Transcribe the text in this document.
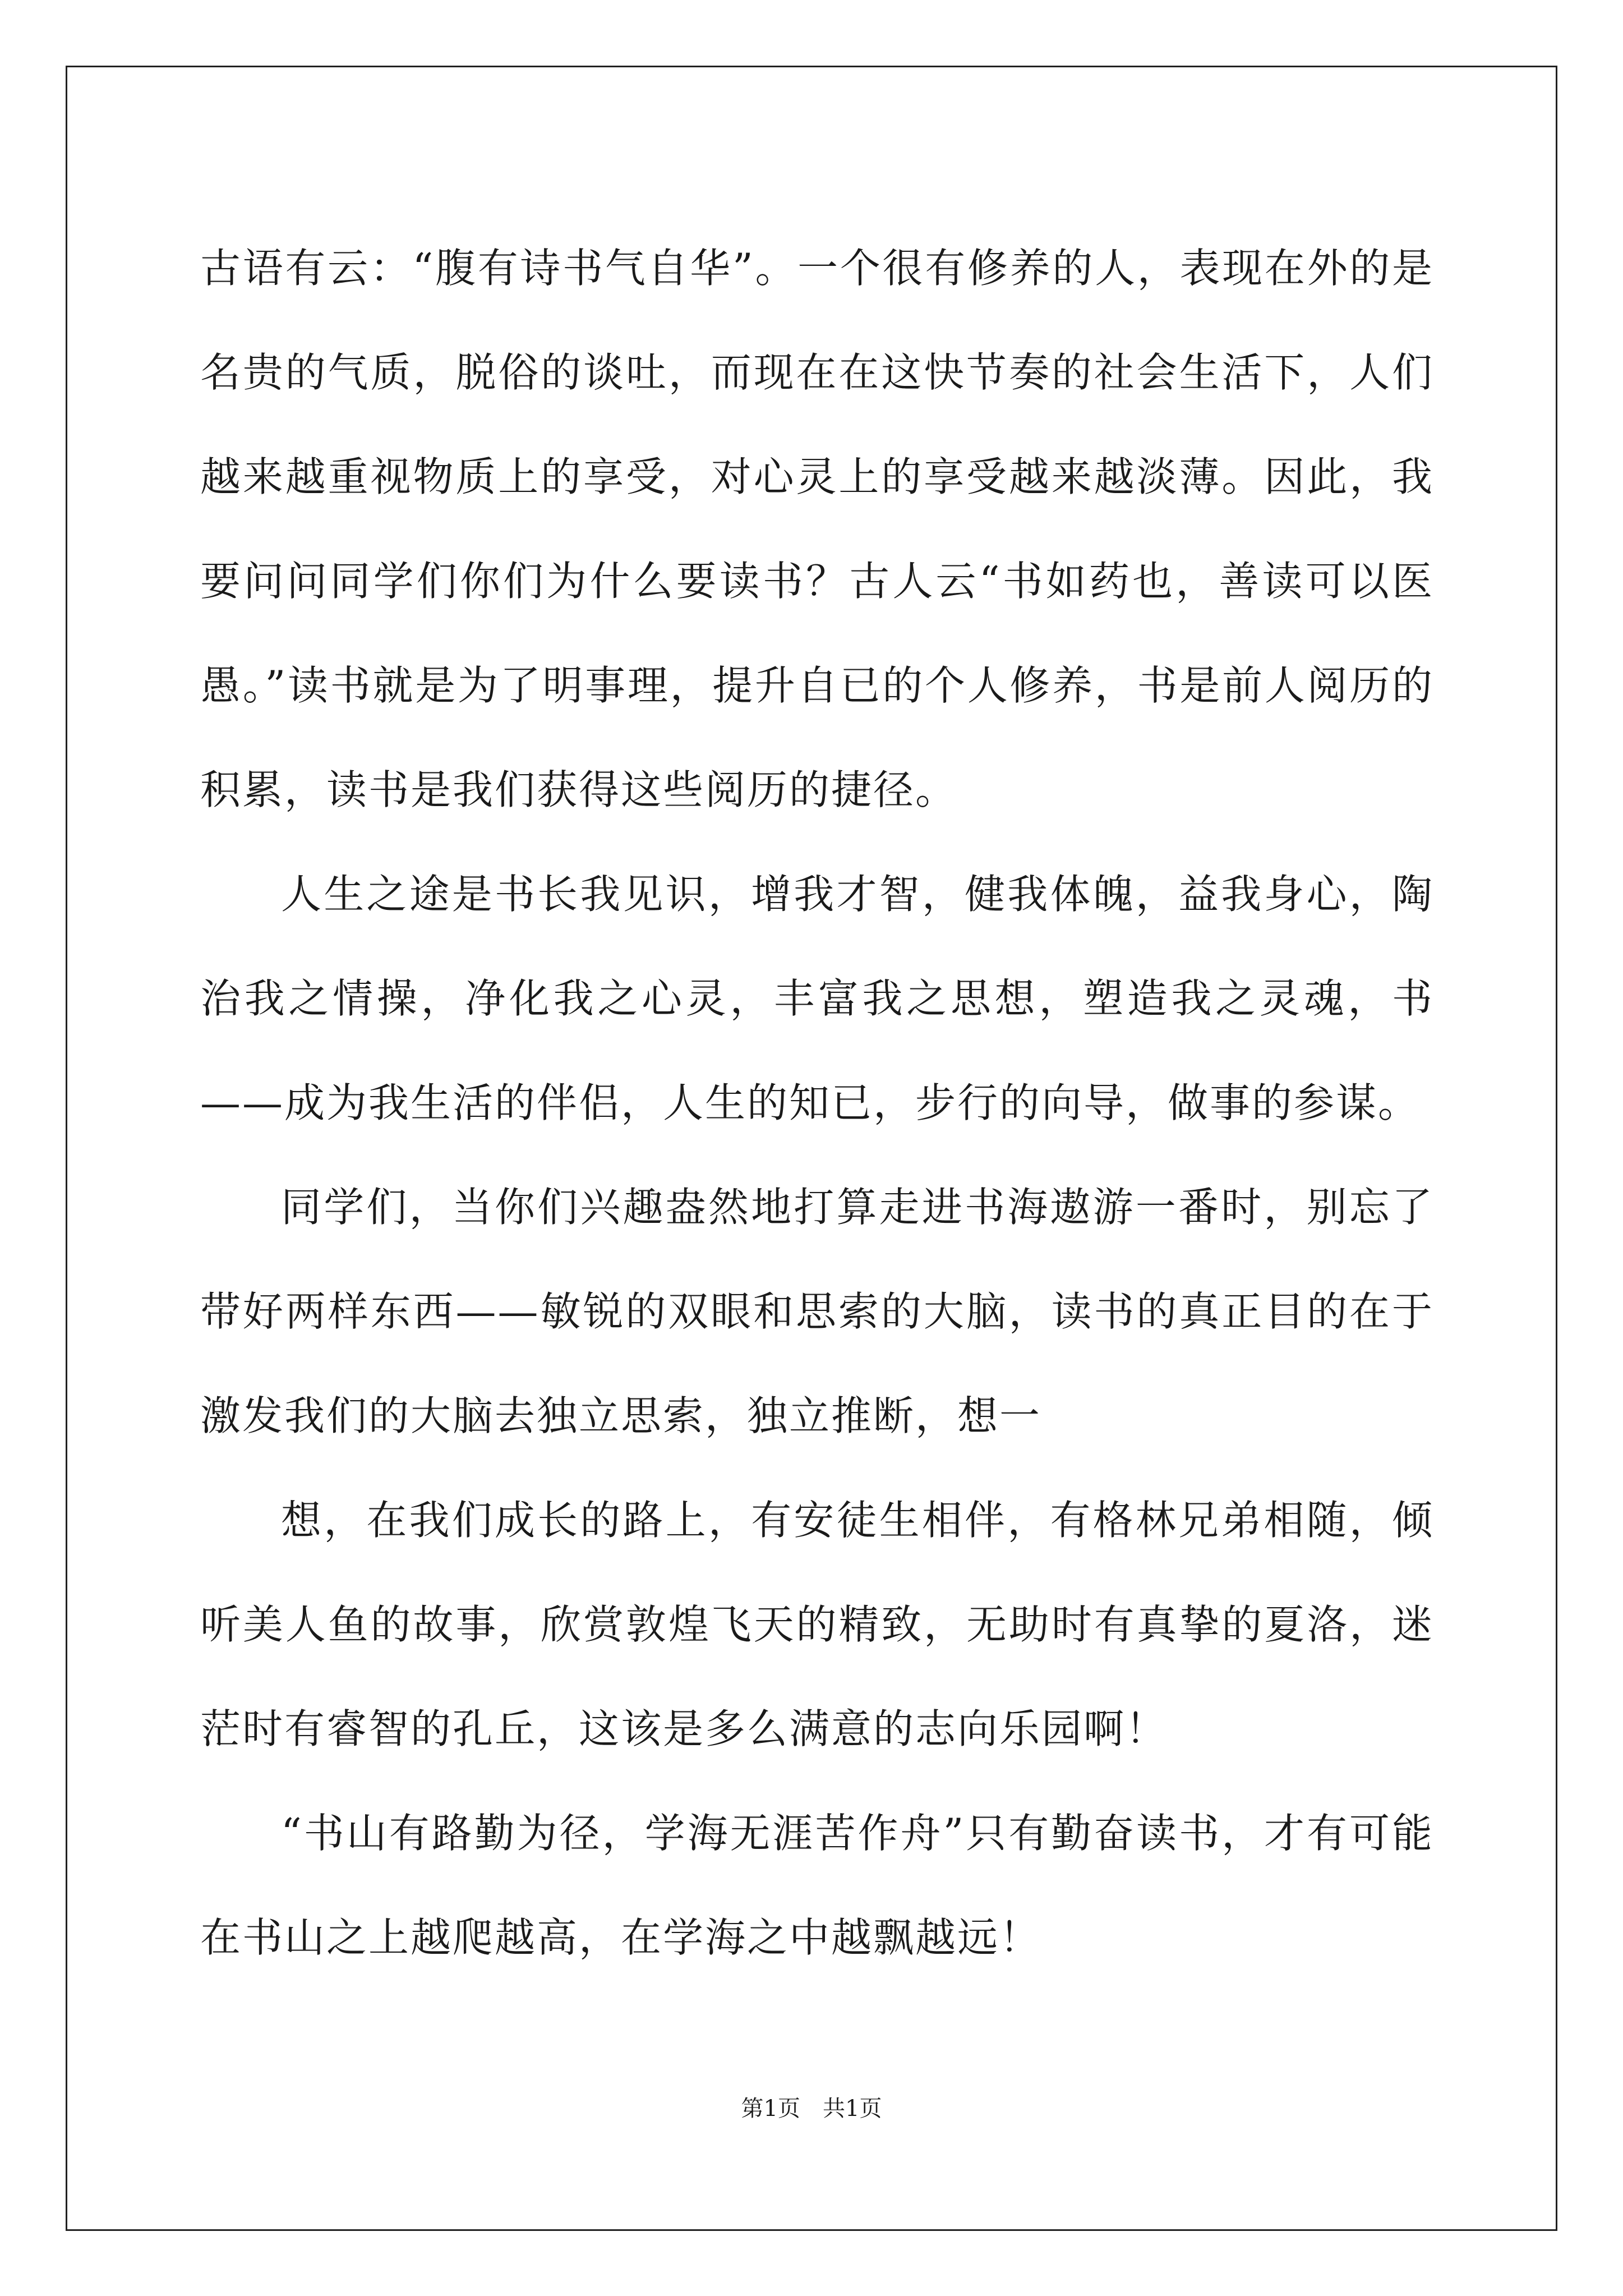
古语有云：“腹有诗书气自华”。一个很有修养的人，表现在外的是名贵的气质，脱俗的谈吐，而现在在这快节奏的社会生活下，人们越来越重视物质上的享受，对心灵上的享受越来越淡薄。因此，我要问问同学们你们为什么要读书？古人云“书如药也，善读可以医愚。”读书就是为了明事理，提升自已的个人修养，书是前人阅历的积累，读书是我们获得这些阅历的捷径。

人生之途是书长我见识，增我才智，健我体魄，益我身心，陶治我之情操，净化我之心灵，丰富我之思想，塑造我之灵魂，书——成为我生活的伴侣，人生的知已，步行的向导，做事的参谋。

同学们，当你们兴趣盎然地打算走进书海遨游一番时，别忘了带好两样东西——敏锐的双眼和思索的大脑，读书的真正目的在于激发我们的大脑去独立思索，独立推断，想一

想，在我们成长的路上，有安徒生相伴，有格林兄弟相随，倾听美人鱼的故事，欣赏敦煌飞天的精致，无助时有真挚的夏洛，迷茫时有睿智的孔丘，这该是多么满意的志向乐园啊！

“书山有路勤为径，学海无涯苦作舟”只有勤奋读书，才有可能在书山之上越爬越高，在学海之中越飘越远！

第1页　共1页
